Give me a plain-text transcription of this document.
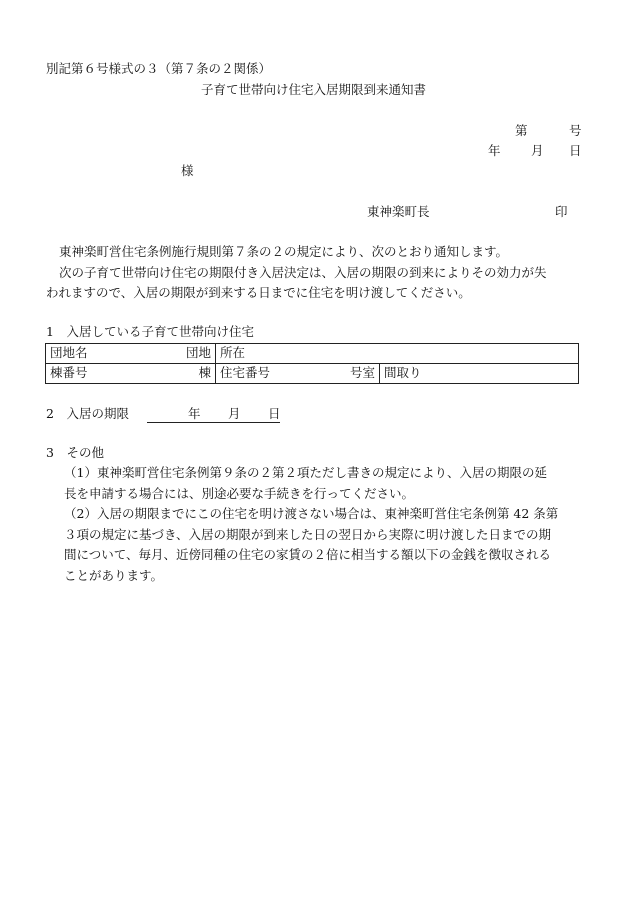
別記第６号様式の３（第７条の２関係）
子育て世帯向け住宅入居期限到来通知書
第	号
年 月 日
様
東神楽町長	印
東神楽町営住宅条例施行規則第７条の２の規定により、次のとおり通知します。
次の子育て世帯向け住宅の期限付き入居決定は、入居の期限の到来によりその効力が失
われますので、入居の期限が到来する日までに住宅を明け渡してください。
1　入居している子育て世帯向け住宅
団地名 団地	所在	

棟番号 棟	住宅番号 号室	間取り
2　入居の期限	年 月 日
3　その他
（1）東神楽町営住宅条例第９条の２第２項ただし書きの規定により、入居の期限の延
長を申請する場合には、別途必要な手続きを行ってください。
（2）入居の期限までにこの住宅を明け渡さない場合は、東神楽町営住宅条例第 42 条第
３項の規定に基づき、入居の期限が到来した日の翌日から実際に明け渡した日までの期
間について、毎月、近傍同種の住宅の家賃の２倍に相当する額以下の金銭を徴収される
ことがあります。
